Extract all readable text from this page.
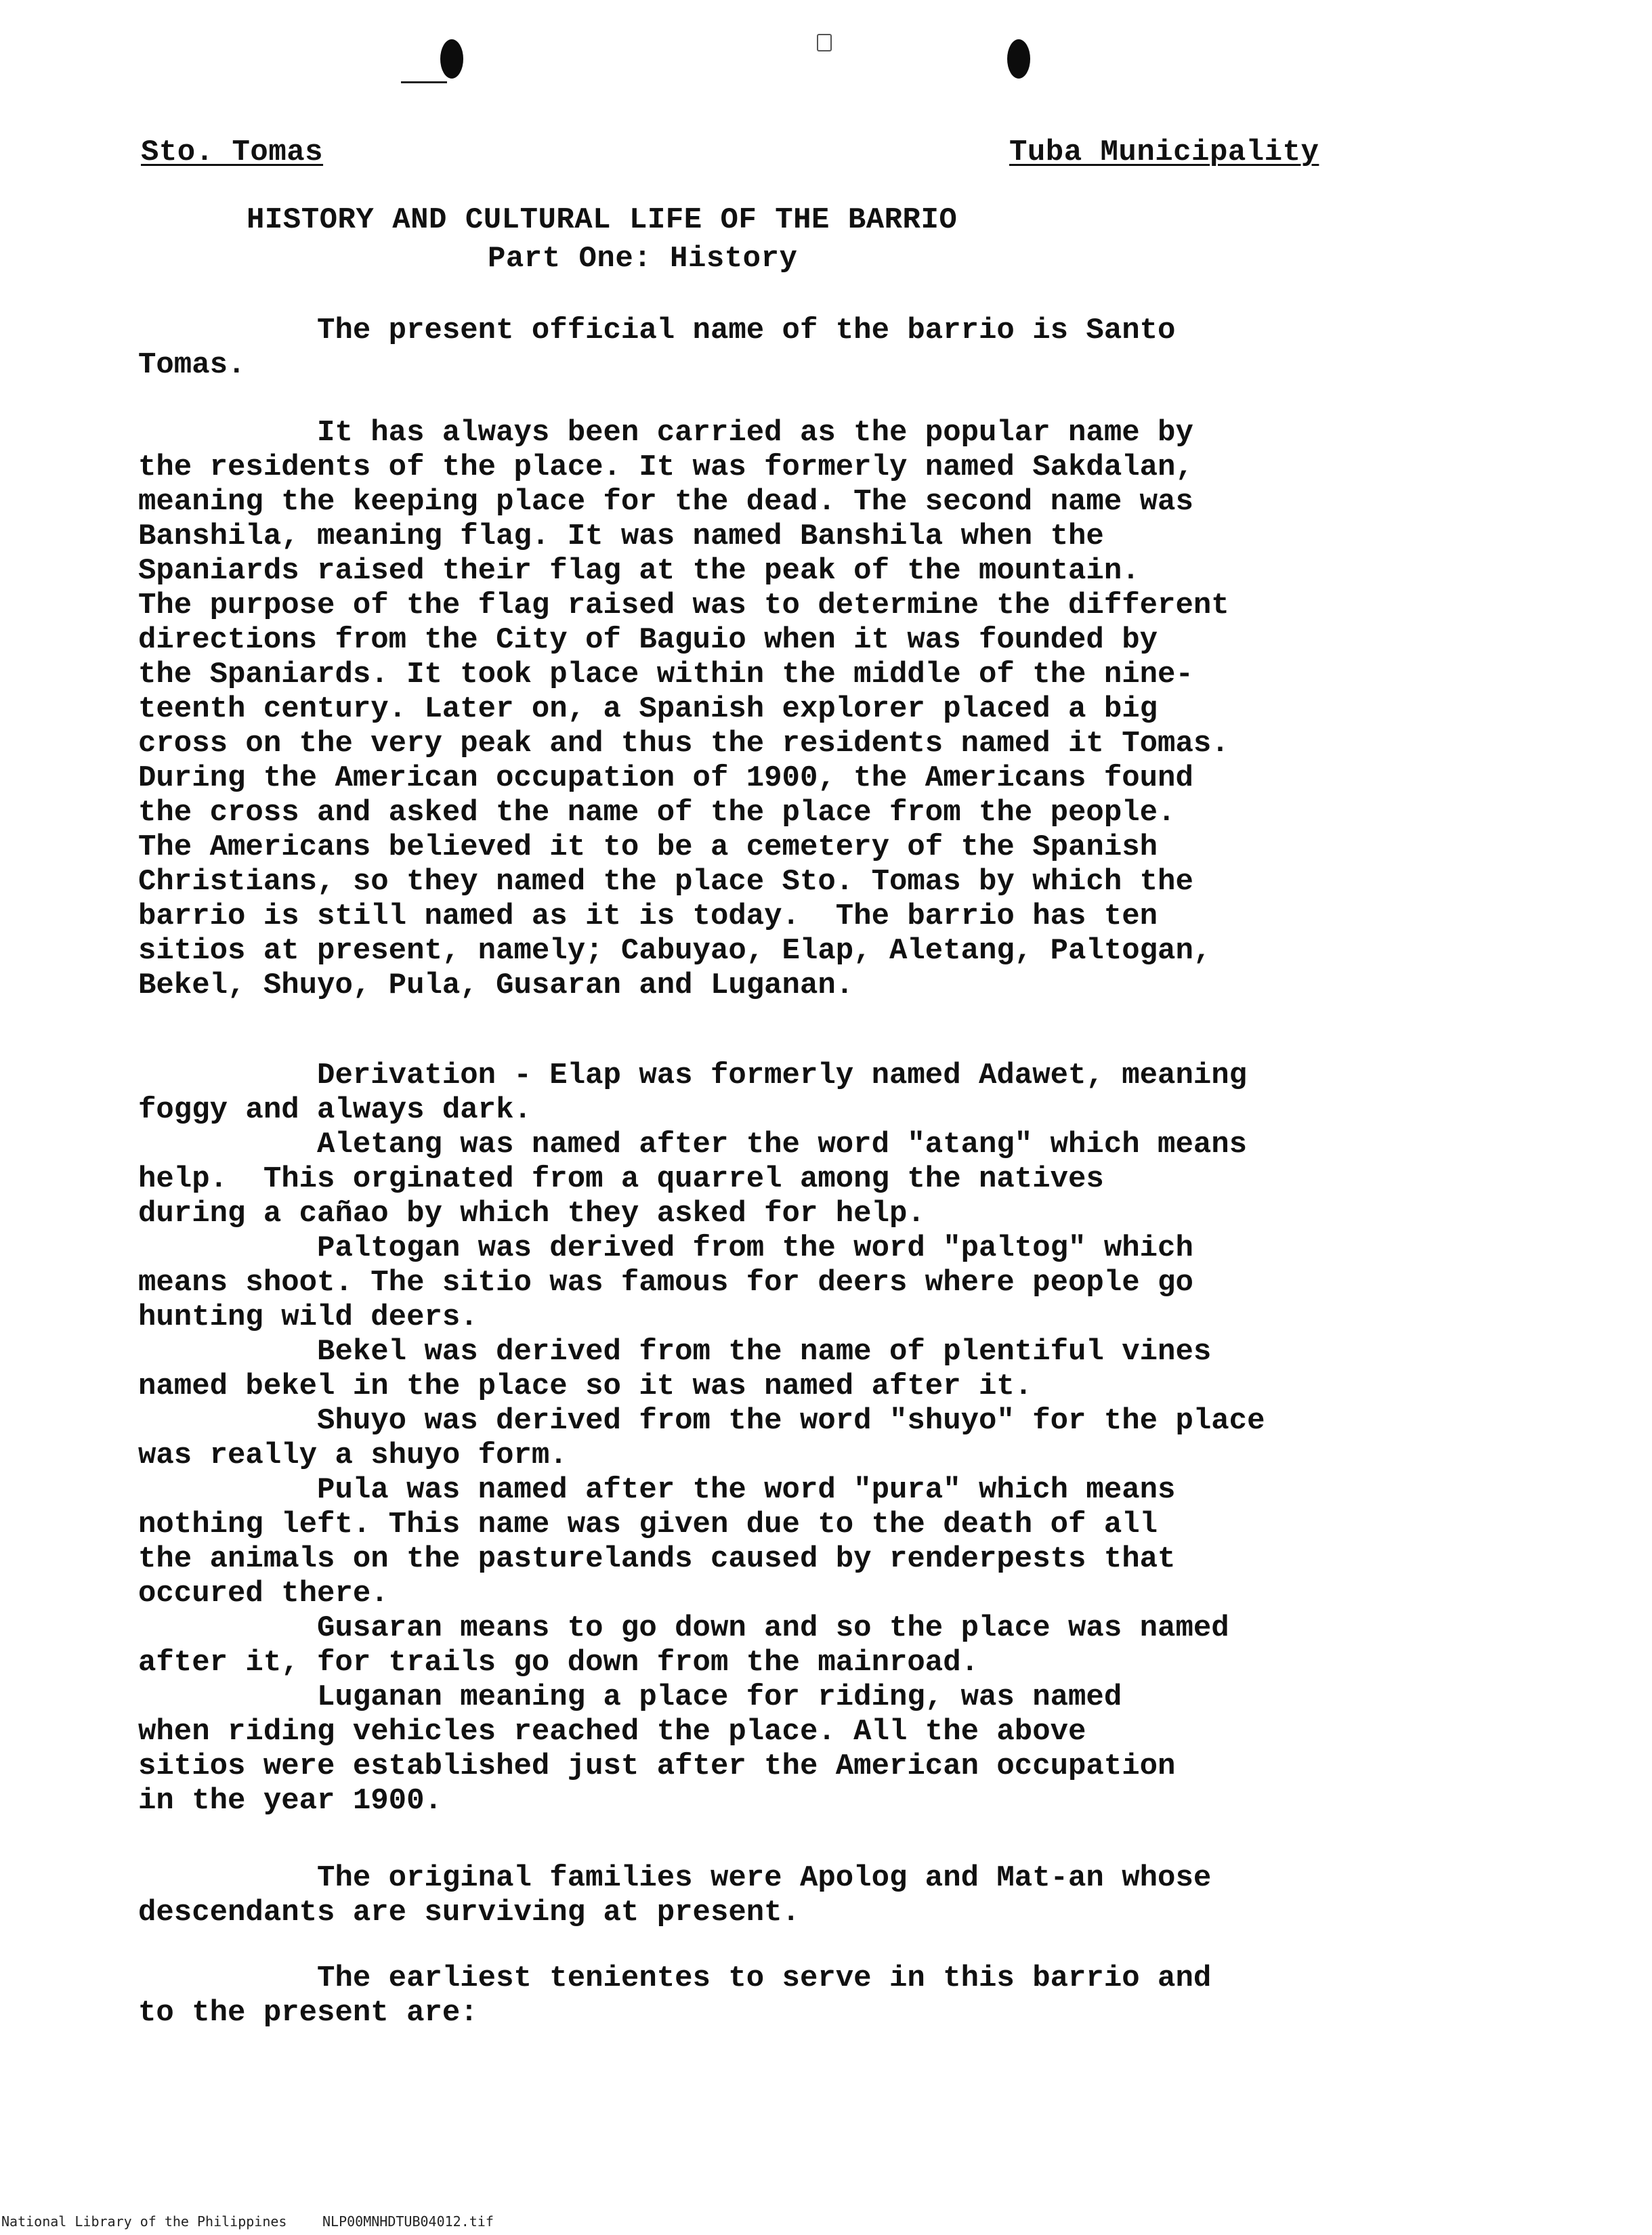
Sto. Tomas	Tuba Municipality
HISTORY AND CULTURAL LIFE OF THE BARRIO
Part One: History
The present official name of the barrio is Santo
Tomas.
It has always been carried as the popular name by
the residents of the place. It was formerly named Sakdalan,
meaning the keeping place for the dead. The second name was
Banshila, meaning flag. It was named Banshila when the
Spaniards raised their flag at the peak of the mountain.
The purpose of the flag raised was to determine the different
directions from the City of Baguio when it was founded by
the Spaniards. It took place within the middle of the nine-
teenth century. Later on, a Spanish explorer placed a big
cross on the very peak and thus the residents named it Tomas.
During the American occupation of 1900, the Americans found
the cross and asked the name of the place from the people.
The Americans believed it to be a cemetery of the Spanish
Christians, so they named the place Sto. Tomas by which the
barrio is still named as it is today.  The barrio has ten
sitios at present, namely; Cabuyao, Elap, Aletang, Paltogan,
Bekel, Shuyo, Pula, Gusaran and Luganan.
Derivation - Elap was formerly named Adawet, meaning
foggy and always dark.
Aletang was named after the word "atang" which means
help.  This orginated from a quarrel among the natives
during a cañao by which they asked for help.
Paltogan was derived from the word "paltog" which
means shoot. The sitio was famous for deers where people go
hunting wild deers.
Bekel was derived from the name of plentiful vines
named bekel in the place so it was named after it.
Shuyo was derived from the word "shuyo" for the place
was really a shuyo form.
Pula was named after the word "pura" which means
nothing left. This name was given due to the death of all
the animals on the pasturelands caused by renderpests that
occured there.
Gusaran means to go down and so the place was named
after it, for trails go down from the mainroad.
Luganan meaning a place for riding, was named
when riding vehicles reached the place. All the above
sitios were established just after the American occupation
in the year 1900.
The original families were Apolog and Mat-an whose
descendants are surviving at present.
The earliest tenientes to serve in this barrio and
to the present are:
National Library of the Philippines	NLP00MNHDTUB04012.tif
